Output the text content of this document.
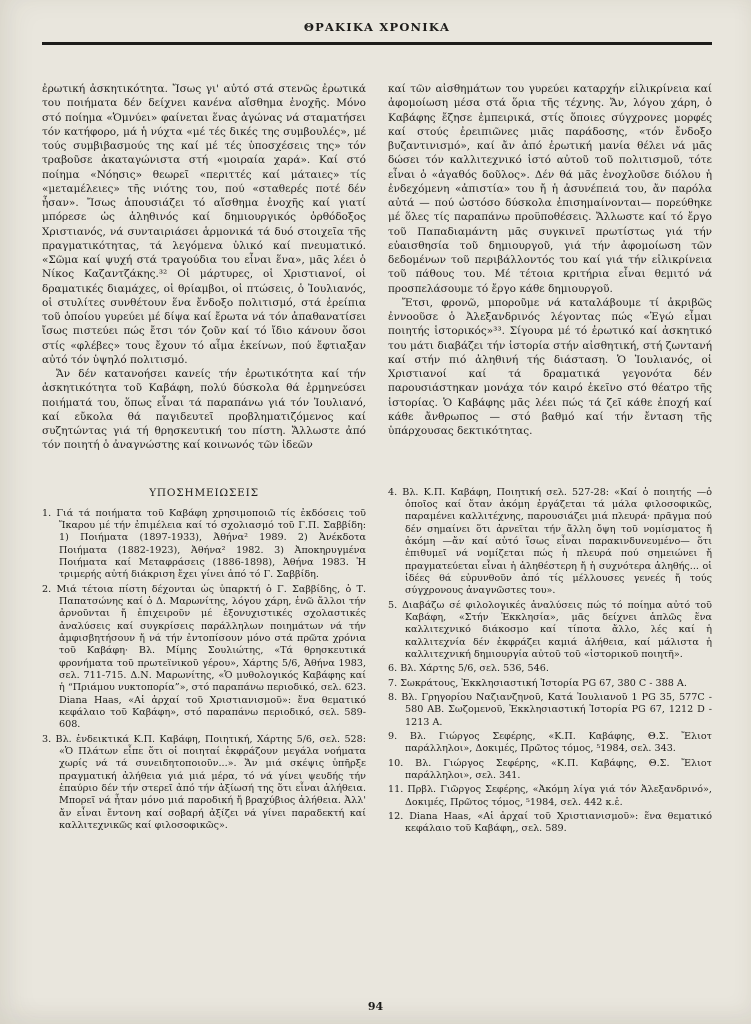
ΘΡΑΚΙΚΑ ΧΡΟΝΙΚΑ

ἐρωτική ἀσκητικότητα. Ἴσως γι' αὐτό στά στενῶς ἐρωτικά του ποιήματα δέν δείχνει κανένα αἴσθημα ἐνοχῆς. Μόνο στό ποίημα «Ὁμνύει» φαίνεται ἕνας ἀγώνας νά σταματήσει τόν κατήφορο, μά ἡ νύχτα «μέ τές δικές της συμβουλές», μέ τούς συμβιβασμούς της καί μέ τές ὑποσχέσεις της» τόν τραβοῦσε ἀκαταγώνιστα στή «μοιραία χαρά». Καί στό ποίημα «Νόησις» θεωρεῖ «περιττές καί μάταιες» τίς «μεταμέλειες» τῆς νιότης του, πού «σταθερές ποτέ δέν ἦσαν». Ἴσως ἀπουσιάζει τό αἴσθημα ἐνοχῆς καί γιατί μπόρεσε ὡς ἀληθινός καί δημιουργικός ὀρθόδοξος Χριστιανός, νά συνταιριάσει ἁρμονικά τά δυό στοιχεῖα τῆς πραγματικότητας, τά λεγόμενα ὑλικό καί πνευματικό. «Σῶμα καί ψυχή στά τραγούδια του εἶναι ἕνα», μᾶς λέει ὁ Νίκος Καζαντζάκης.³² Οἱ μάρτυρες, οἱ Χριστιανοί, οἱ δραματικές διαμάχες, οἱ θρίαμβοι, οἱ πτώσεις, ὁ Ἰουλιανός, οἱ στυλίτες συνθέτουν ἕνα ἔνδοξο πολιτισμό, στά ἐρείπια τοῦ ὁποίου γυρεύει μέ δίψα καί ἔρωτα νά τόν ἀπαθανατίσει ἴσως πιστεύει πώς ἔτσι τόν ζοῦν καί τό ἴδιο κάνουν ὅσοι στίς «φλέβες» τους ἔχουν τό αἷμα ἐκείνων, πού ἔφτιαξαν αὐτό τόν ὑψηλό πολιτισμό.

Ἄν δέν κατανοήσει κανείς τήν ἐρωτικότητα καί τήν ἀσκητικότητα τοῦ Καβάφη, πολύ δύσκολα θά ἑρμηνεύσει ποιήματά του, ὅπως εἶναι τά παραπάνω γιά τόν Ἰουλιανό, καί εὔκολα θά παγιδευτεῖ προβληματιζόμενος καί συζητώντας γιά τή θρησκευτική του πίστη. Ἄλλωστε ἀπό τόν ποιητή ὁ ἀναγνώστης καί κοινωνός τῶν ἰδεῶν

καί τῶν αἰσθημάτων του γυρεύει καταρχήν εἰλικρίνεια καί ἀφομοίωση μέσα στά ὅρια τῆς τέχνης. Ἄν, λόγου χάρη, ὁ Καβάφης ἔζησε ἐμπειρικά, στίς ὅποιες σύγχρονες μορφές καί στούς ἐρειπιῶνες μιᾶς παράδοσης, «τόν ἔνδοξο βυζαντινισμό», καί ἄν ἀπό ἐρωτική μανία θέλει νά μᾶς δώσει τόν καλλιτεχνικό ἱστό αὐτοῦ τοῦ πολιτισμοῦ, τότε εἶναι ὁ «ἀγαθός δοῦλος». Δέν θά μᾶς ἐνοχλοῦσε διόλου ἡ ἐνδεχόμενη «ἀπιστία» του ἤ ἡ ἀσυνέπειά του, ἄν παρόλα αὐτά — πού ὡστόσο δύσκολα ἐπισημαίνονται— πορεύθηκε μέ ὅλες τίς παραπάνω προϋποθέσεις. Ἄλλωστε καί τό ἔργο τοῦ Παπαδιαμάντη μᾶς συγκινεῖ πρωτίστως γιά τήν εὐαισθησία τοῦ δημιουργοῦ, γιά τήν ἀφομοίωση τῶν δεδομένων τοῦ περιβάλλοντός του καί γιά τήν εἰλικρίνεια τοῦ πάθους του. Μέ τέτοια κριτήρια εἶναι θεμιτό νά προσπελάσουμε τό ἔργο κάθε δημιουργοῦ.

Ἔτσι, φρονῶ, μποροῦμε νά καταλάβουμε τί ἀκριβῶς ἐννοοῦσε ὁ Ἀλεξανδρινός λέγοντας πώς «Ἐγώ εἶμαι ποιητής ἱστορικός»³³. Σίγουρα μέ τό ἐρωτικό καί ἀσκητικό του μάτι διαβάζει τήν ἱστορία στήν αἰσθητική, στή ζωντανή καί στήν πιό ἀληθινή τής διάσταση. Ὁ Ἰουλιανός, οἱ Χριστιανοί καί τά δραματικά γεγονότα δέν παρουσιάστηκαν μονάχα τόν καιρό ἐκεῖνο στό θέατρο τῆς ἱστορίας. Ὁ Καβάφης μᾶς λέει πώς τά ζεῖ κάθε ἐποχή καί κάθε ἄνθρωπος — στό βαθμό καί τήν ἔνταση τῆς ὑπάρχουσας δεκτικότητας.

ΥΠΟΣΗΜΕΙΩΣΕΙΣ
1. Γιά τά ποιήματα τοῦ Καβάφη χρησιμοποιῶ τίς ἐκδόσεις τοῦ Ἴκαρου μέ τήν ἐπιμέλεια καί τό σχολιασμό τοῦ Γ.Π. Σαββίδη: 1) Ποιήματα (1897-1933), Ἀθήνα² 1989. 2) Ἀνέκδοτα Ποιήματα (1882-1923), Ἀθήνα² 1982. 3) Ἀποκηρυγμένα Ποιήματα καί Μεταφράσεις (1886-1898), Ἀθήνα 1983. Ἡ τριμερής αὐτή διάκριση ἔχει γίνει ἀπό τό Γ. Σαββίδη.
2. Μιά τέτοια πίστη δέχονται ὡς ὑπαρκτή ὁ Γ. Σαββίδης, ὁ Τ. Παπατσώνης καί ὁ Δ. Μαρωνίτης, λόγου χάρη, ἐνῶ ἄλλοι τήν ἀρνοῦνται ἤ ἐπιχειροῦν μέ ἐξονυχιστικές σχολαστικές ἀναλύσεις καί συγκρίσεις παράλληλων ποιημάτων νά τήν ἀμφισβητήσουν ἤ νά τήν ἐντοπίσουν μόνο στά πρῶτα χρόνια τοῦ Καβάφη· Βλ. Μίμης Σουλιώτης, «Τά θρησκευτικά φρονήματα τοῦ πρωτεϊνικοῦ γέρου», Χάρτης 5/6, Ἀθήνα 1983, σελ. 711-715. Δ.Ν. Μαρωνίτης, «Ὁ μυθολογικός Καβάφης καί ἡ “Πριάμου νυκτοπορία”», στό παραπάνω περιοδικό, σελ. 623. Diana Haas, «Αἱ ἀρχαί τοῦ Χριστιανισμοῦ»: ἕνα θεματικό κεφάλαιο τοῦ Καβάφη», στό παραπάνω περιοδικό, σελ. 589-608.
3. Βλ. ἐνδεικτικά Κ.Π. Καβάφη, Ποιητική, Χάρτης 5/6, σελ. 528: «Ὁ Πλάτων εἶπε ὅτι οἱ ποιηταί ἐκφράζουν μεγάλα νοήματα χωρίς νά τά συνειδητοποιοῦν...». Ἄν μιά σκέψις ὑπῆρξε πραγματική ἀλήθεια γιά μιά μέρα, τό νά γίνει ψευδής τήν ἐπαύριο δέν τήν στερεῖ ἀπό τήν ἀξίωσή της ὅτι εἶναι ἀλήθεια. Μπορεῖ νά ἦταν μόνο μιά παροδική ἤ βραχύβιος ἀλήθεια. Ἀλλ' ἄν εἶναι ἔντονη καί σοβαρή ἀξίζει νά γίνει παραδεκτή καί καλλιτεχνικῶς καί φιλοσοφικῶς».
4. Βλ. Κ.Π. Καβάφη, Ποιητική σελ. 527-28: «Καί ὁ ποιητής —ὁ ὁποῖος καί ὅταν ἀκόμη ἐργάζεται τά μάλα φιλοσοφικῶς, παραμένει καλλιτέχνης, παρουσιάζει μιά πλευρά· πρᾶγμα πού δέν σημαίνει ὅτι ἀρνεῖται τήν ἄλλη ὄψη τοῦ νομίσματος ἤ ἀκόμη —ἄν καί αὐτό ἴσως εἶναι παρακινδυνευμένο— ὅτι ἐπιθυμεῖ νά νομίζεται πώς ἡ πλευρά πού σημειώνει ἤ πραγματεύεται εἶναι ἡ ἀληθέστερη ἤ ἡ συχνότερα ἀληθής... οἱ ἰδέες θά εὐρυνθοῦν ἀπό τίς μέλλουσες γενεές ἤ τούς σύγχρονους ἀναγνῶστες του».
5. Διαβάζω σέ φιλολογικές ἀναλύσεις πώς τό ποίημα αὐτό τοῦ Καβάφη, «Στήν Ἐκκλησία», μᾶς δείχνει ἁπλῶς ἕνα καλλιτεχνικό διάκοσμο καί τίποτα ἄλλο, λές καί ἡ καλλιτεχνία δέν ἐκφράζει καμιά ἀλήθεια, καί μάλιστα ἡ καλλιτεχνική δημιουργία αὐτοῦ τοῦ «ἱστορικοῦ ποιητῆ».
6. Βλ. Χάρτης 5/6, σελ. 536, 546.
7. Σωκράτους, Ἐκκλησιαστική Ἱστορία PG 67, 380 C - 388 A.
8. Βλ. Γρηγορίου Ναζιανζηνοῦ, Κατά Ἰουλιανοῦ 1 PG 35, 577C - 580 AB. Σωζομενοῦ, Ἐκκλησιαστική Ἱστορία PG 67, 1212 D - 1213 A.
9. Βλ. Γιώργος Σεφέρης, «Κ.Π. Καβάφης, Θ.Σ. Ἔλιοτ παράλληλοι», Δοκιμές, Πρῶτος τόμος, ⁵1984, σελ. 343.
10. Βλ. Γιώργος Σεφέρης, «Κ.Π. Καβάφης, Θ.Σ. Ἔλιοτ παράλληλοι», σελ. 341.
11. Πρβλ. Γιῶργος Σεφέρης, «Ἀκόμη λίγα γιά τόν Ἀλεξανδρινό», Δοκιμές, Πρῶτος τόμος, ⁵1984, σελ. 442 κ.ἑ.
12. Diana Haas, «Αἱ ἀρχαί τοῦ Χριστιανισμοῦ»: ἕνα θεματικό κεφάλαιο τοῦ Καβάφη,, σελ. 589.
94
